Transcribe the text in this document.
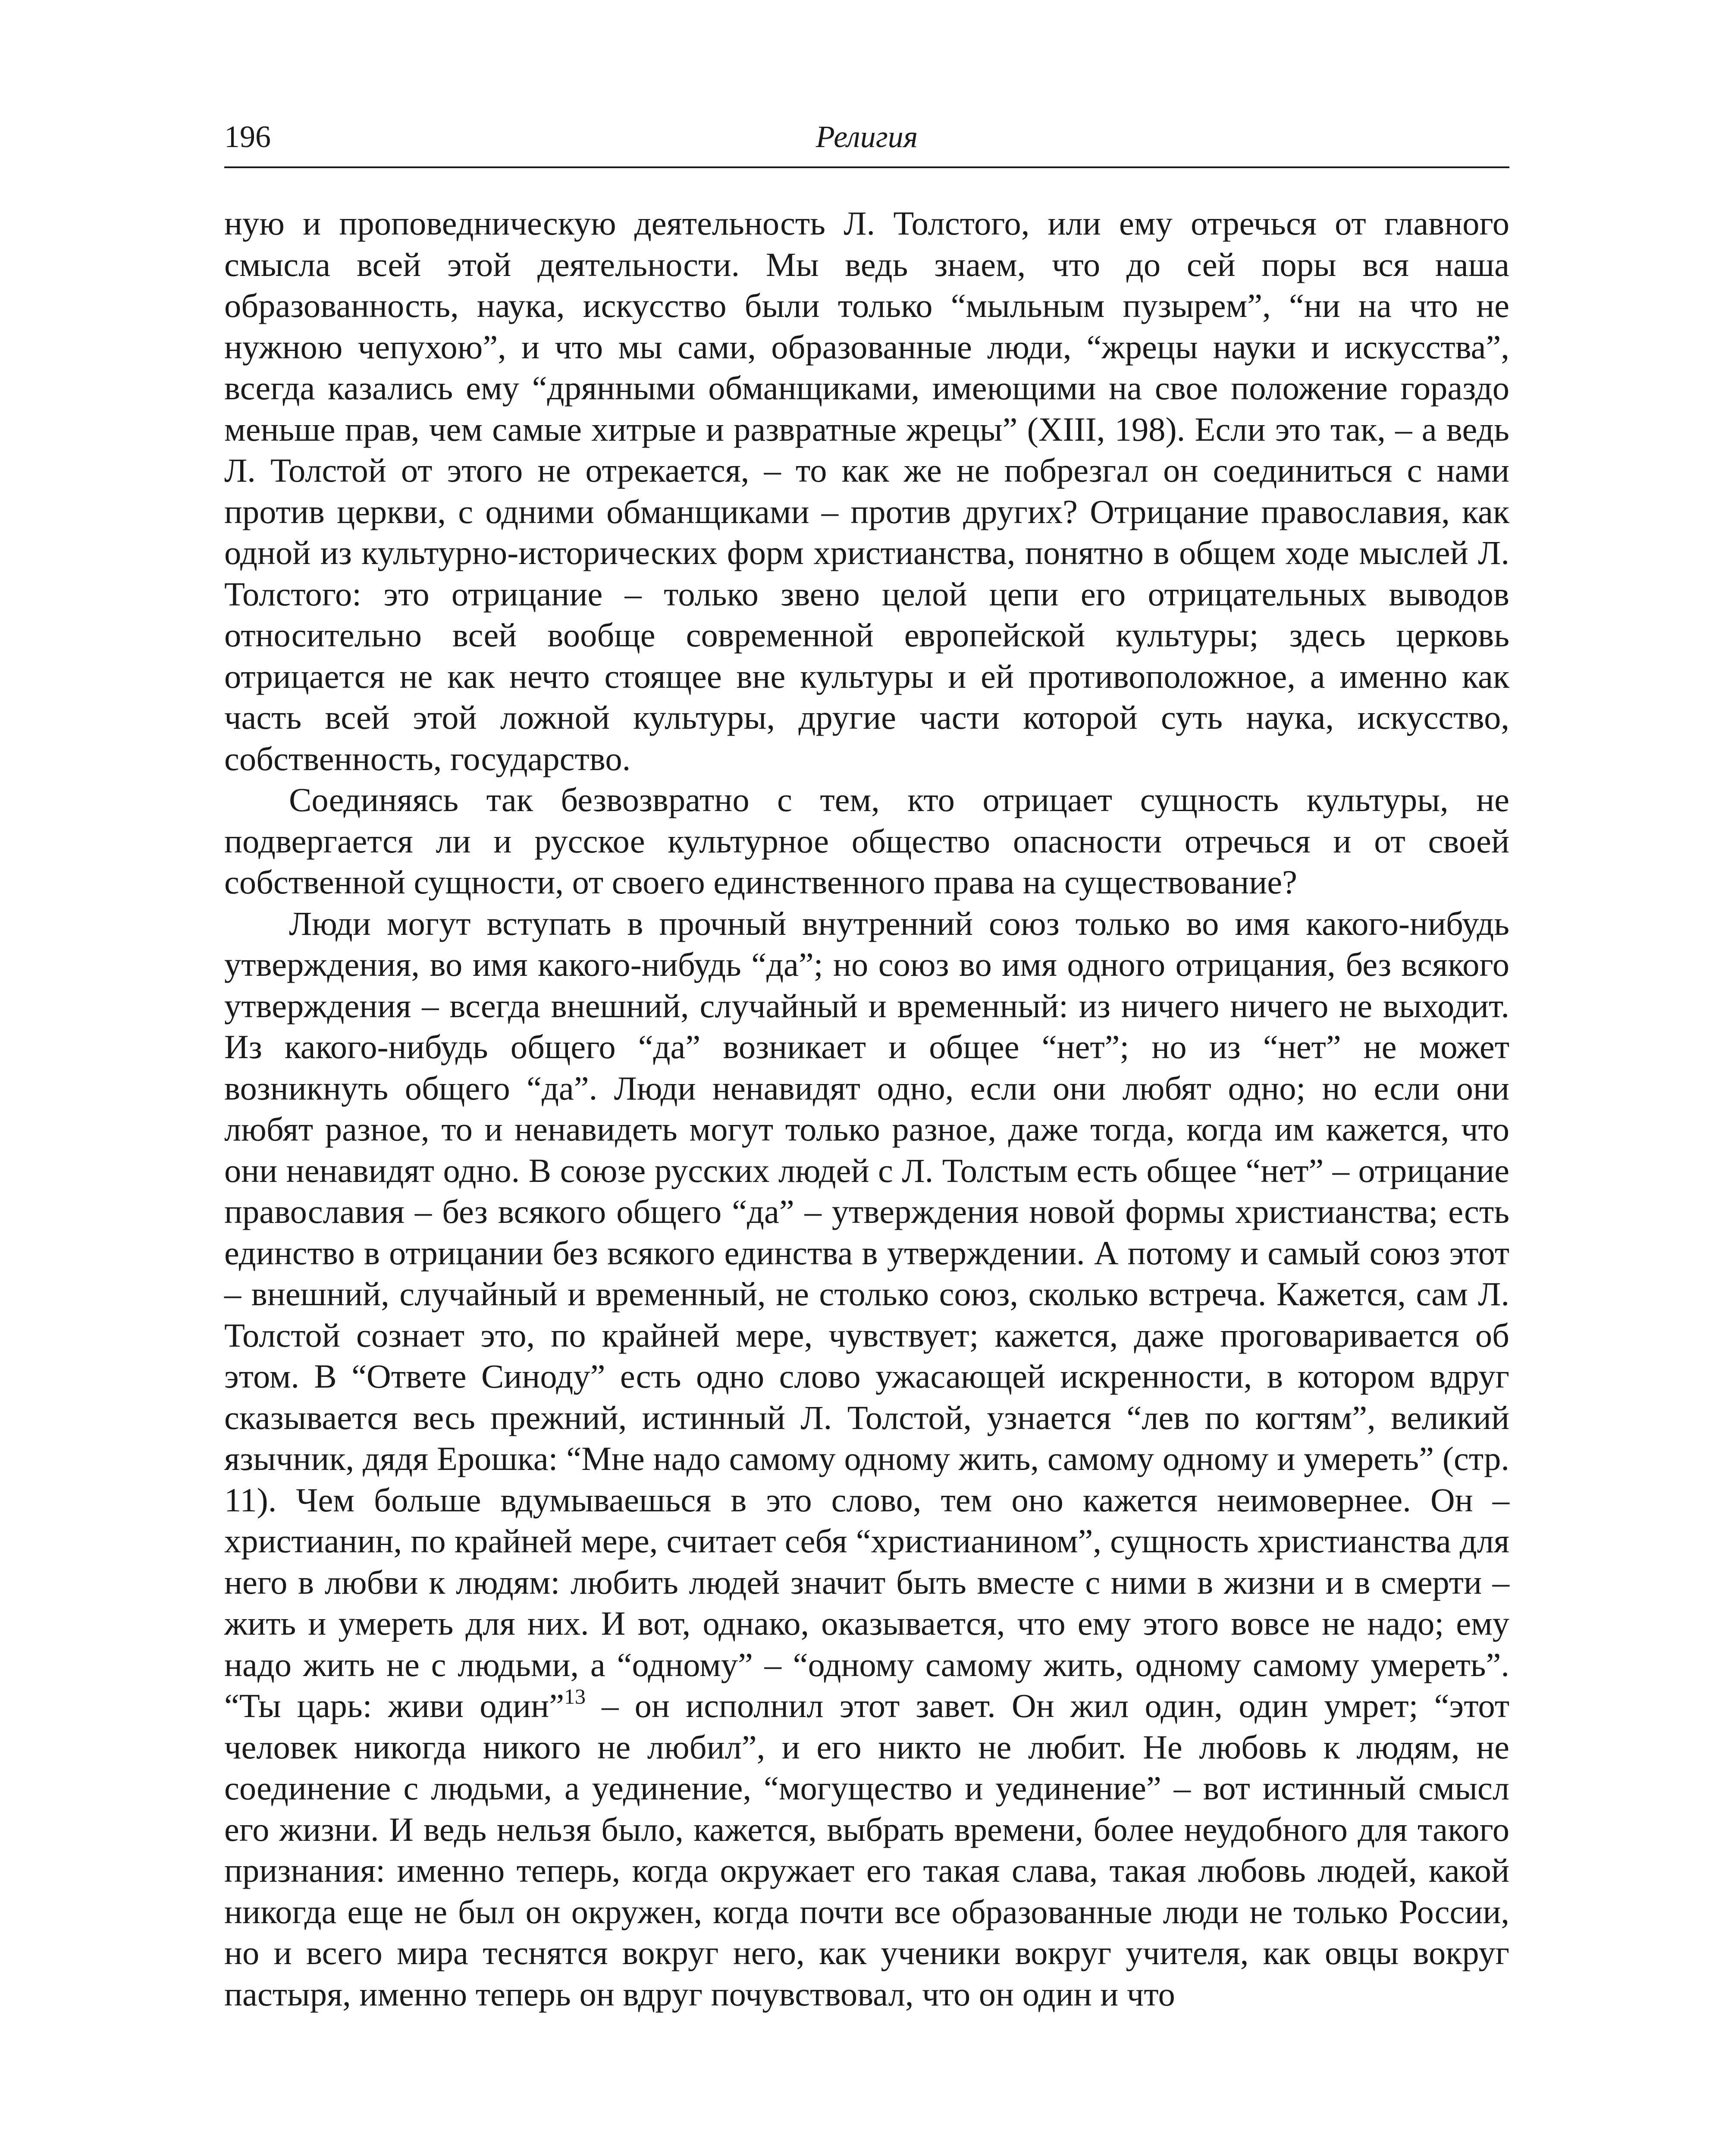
196	Религия

ную и проповедническую деятельность Л. Толстого, или ему отречься от главного смысла всей этой деятельности. Мы ведь знаем, что до сей поры вся наша образованность, наука, искусство были только “мыльным пузырем”, “ни на что не нужною чепухою”, и что мы сами, образованные люди, “жрецы науки и искусства”, всегда казались ему “дрянными обманщиками, имеющими на свое положение гораздо меньше прав, чем самые хитрые и развратные жрецы” (XIII, 198). Если это так, – а ведь Л. Толстой от этого не отрекается, – то как же не побрезгал он соединиться с нами против церкви, с одними обманщиками – против других? Отрицание православия, как одной из культурно-исторических форм христианства, понятно в общем ходе мыслей Л. Толстого: это отрицание – только звено целой цепи его отрицательных выводов относительно всей вообще современной европейской культуры; здесь церковь отрицается не как нечто стоящее вне культуры и ей противоположное, а именно как часть всей этой ложной культуры, другие части которой суть наука, искусство, собственность, государство.

Соединяясь так безвозвратно с тем, кто отрицает сущность культуры, не подвергается ли и русское культурное общество опасности отречься и от своей собственной сущности, от своего единственного права на существование?

Люди могут вступать в прочный внутренний союз только во имя какого-нибудь утверждения, во имя какого-нибудь “да”; но союз во имя одного отрицания, без всякого утверждения – всегда внешний, случайный и временный: из ничего ничего не выходит. Из какого-нибудь общего “да” возникает и общее “нет”; но из “нет” не может возникнуть общего “да”. Люди ненавидят одно, если они любят одно; но если они любят разное, то и ненавидеть могут только разное, даже тогда, когда им кажется, что они ненавидят одно. В союзе русских людей с Л. Толстым есть общее “нет” – отрицание православия – без всякого общего “да” – утверждения новой формы христианства; есть единство в отрицании без всякого единства в утверждении. А потому и самый союз этот – внешний, случайный и временный, не столько союз, сколько встреча. Кажется, сам Л. Толстой сознает это, по крайней мере, чувствует; кажется, даже проговаривается об этом. В “Ответе Синоду” есть одно слово ужасающей искренности, в котором вдруг сказывается весь прежний, истинный Л. Толстой, узнается “лев по когтям”, великий язычник, дядя Ерошка: “Мне надо самому одному жить, самому одному и умереть” (стр. 11). Чем больше вдумываешься в это слово, тем оно кажется неимовернее. Он – христианин, по крайней мере, считает себя “христианином”, сущность христианства для него в любви к людям: любить людей значит быть вместе с ними в жизни и в смерти – жить и умереть для них. И вот, однако, оказывается, что ему этого вовсе не надо; ему надо жить не с людьми, а “одному” – “одному самому жить, одному самому умереть”. “Ты царь: живи один”$^{13}$ – он исполнил этот завет. Он жил один, один умрет; “этот человек никогда никого не любил”, и его никто не любит. Не любовь к людям, не соединение с людьми, а уединение, “могущество и уединение” – вот истинный смысл его жизни. И ведь нельзя было, кажется, выбрать времени, более неудобного для такого признания: именно теперь, когда окружает его такая слава, такая любовь людей, какой никогда еще не был он окружен, когда почти все образованные люди не только России, но и всего мира теснятся вокруг него, как ученики вокруг учителя, как овцы вокруг пастыря, именно теперь он вдруг почувствовал, что он один и что
